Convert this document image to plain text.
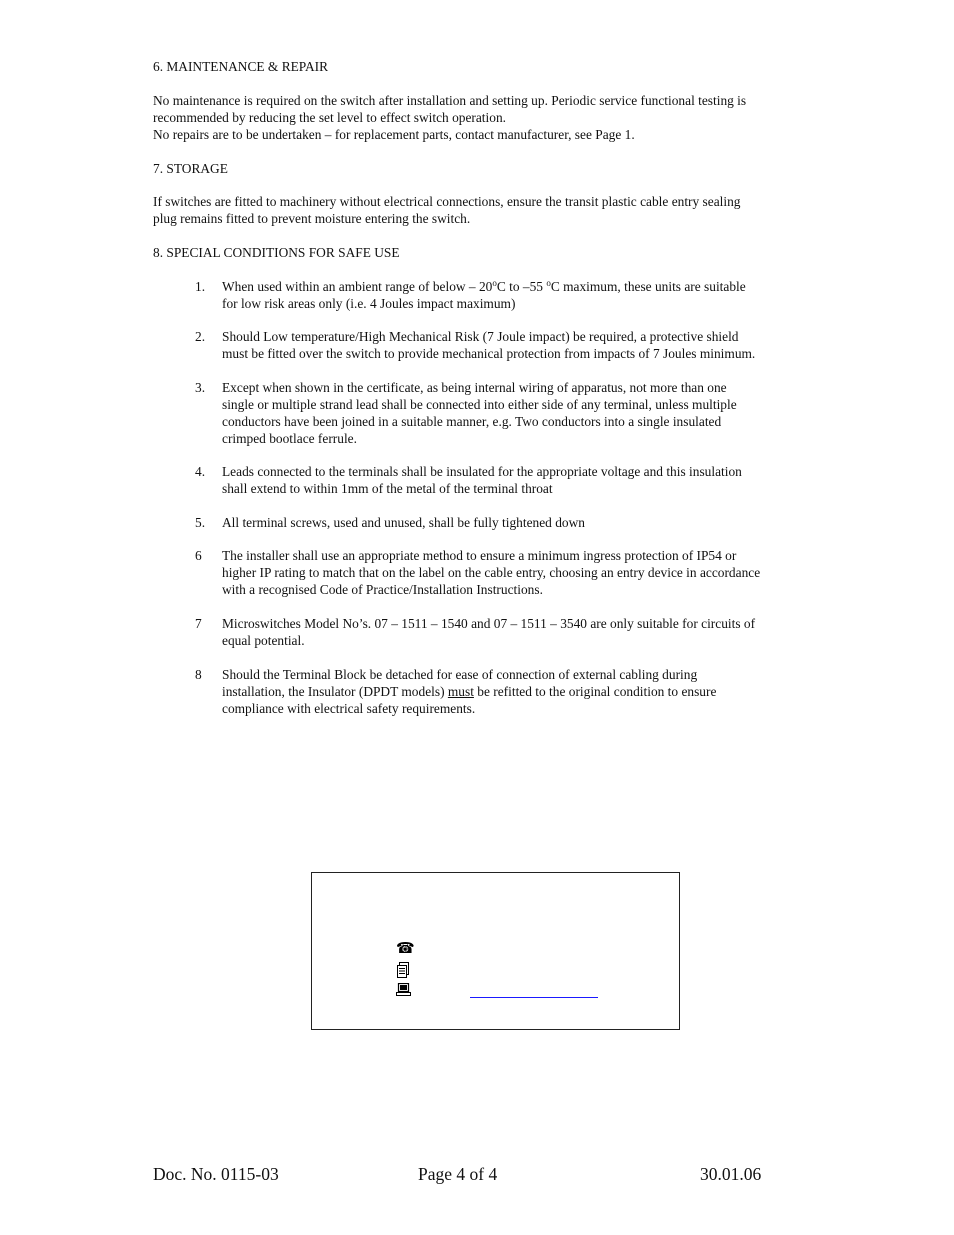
6. MAINTENANCE & REPAIR
No maintenance is required on the switch after installation and setting up. Periodic service functional testing is
recommended by reducing the set level to effect switch operation.
No repairs are to be undertaken – for replacement parts, contact manufacturer, see Page 1.
7. STORAGE
If switches are fitted to machinery without electrical connections, ensure the transit plastic cable entry sealing
plug remains fitted to prevent moisture entering the switch.
8. SPECIAL CONDITIONS FOR SAFE USE
1. When used within an ambient range of below – 20$^o$C to –55 $^o$C maximum, these units are suitable
for low risk areas only (i.e. 4 Joules impact maximum)
2. Should Low temperature/High Mechanical Risk (7 Joule impact) be required, a protective shield
must be fitted over the switch to provide mechanical protection from impacts of 7 Joules minimum.
3. Except when shown in the certificate, as being internal wiring of apparatus, not more than one
single or multiple strand lead shall be connected into either side of any terminal, unless multiple
conductors have been joined in a suitable manner, e.g. Two conductors into a single insulated
crimped bootlace ferrule.
4. Leads connected to the terminals shall be insulated for the appropriate voltage and this insulation
shall extend to within 1mm of the metal of the terminal throat
5. All terminal screws, used and unused, shall be fully tightened down
6 The installer shall use an appropriate method to ensure a minimum ingress protection of IP54 or
higher IP rating to match that on the label on the cable entry, choosing an entry device in accordance
with a recognised Code of Practice/Installation Instructions.
7 Microswitches Model No’s. 07 – 1511 – 1540 and 07 – 1511 – 3540 are only suitable for circuits of
equal potential.
8 Should the Terminal Block be detached for ease of connection of external cabling during
installation, the Insulator (DPDT models) must be refitted to the original condition to ensure
compliance with electrical safety requirements.
☎
Doc. No. 0115-03	Page 4 of 4	30.01.06
